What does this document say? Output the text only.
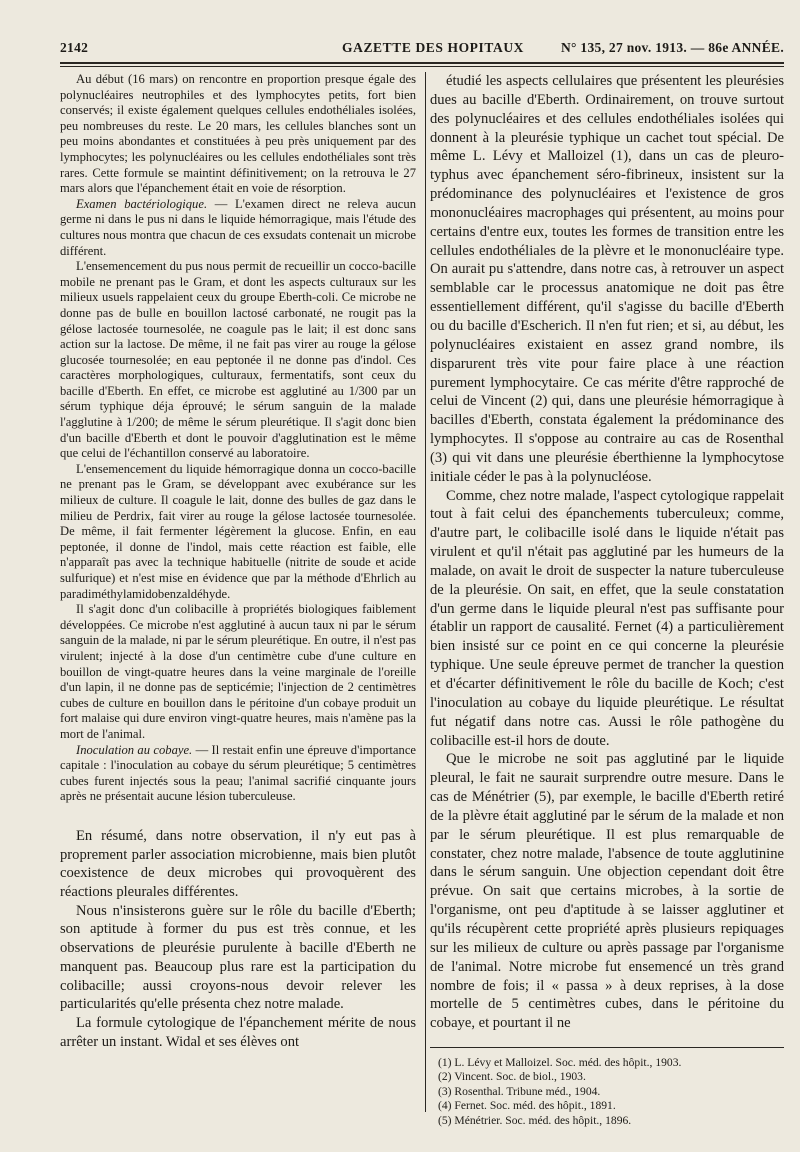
2142	GAZETTE DES HOPITAUX	N° 135, 27 nov. 1913. — 86e ANNÉE.

Au début (16 mars) on rencontre en proportion presque égale des polynucléaires neutrophiles et des lymphocytes petits, fort bien conservés; il existe également quelques cellules endothéliales isolées, peu nombreuses du reste. Le 20 mars, les cellules blanches sont un peu moins abondantes et constituées à peu près uniquement par des lymphocytes; les polynucléaires ou les cellules endothéliales sont très rares. Cette formule se maintint définitivement; on la retrouva le 27 mars alors que l'épanchement était en voie de résorption.

Examen bactériologique. — L'examen direct ne releva aucun germe ni dans le pus ni dans le liquide hémorragique, mais l'étude des cultures nous montra que chacun de ces exsudats contenait un microbe différent.

L'ensemencement du pus nous permit de recueillir un cocco-bacille mobile ne prenant pas le Gram, et dont les aspects culturaux sur les milieux usuels rappelaient ceux du groupe Eberth-coli. Ce microbe ne donne pas de bulle en bouillon lactosé carbonaté, ne rougit pas la gélose lactosée tournesolée, ne coagule pas le lait; il est donc sans action sur la lactose. De même, il ne fait pas virer au rouge la gélose glucosée tournesolée; en eau peptonée il ne donne pas d'indol. Ces caractères morphologiques, culturaux, fermentatifs, sont ceux du bacille d'Eberth. En effet, ce microbe est agglutiné au 1/300 par un sérum typhique déja éprouvé; le sérum sanguin de la malade l'agglutine à 1/200; de même le sérum pleurétique. Il s'agit donc bien d'un bacille d'Eberth et dont le pouvoir d'agglutination est le même que celui de l'échantillon conservé au laboratoire.

L'ensemencement du liquide hémorragique donna un cocco-bacille ne prenant pas le Gram, se développant avec exubérance sur les milieux de culture. Il coagule le lait, donne des bulles de gaz dans le milieu de Perdrix, fait virer au rouge la gélose lactosée tournesolée. De même, il fait fermenter légèrement la glucose. Enfin, en eau peptonée, il donne de l'indol, mais cette réaction est faible, elle n'apparaît pas avec la technique habituelle (nitrite de soude et acide sulfurique) et n'est mise en évidence que par la méthode d'Ehrlich au paradiméthylamidobenzaldéhyde.

Il s'agit donc d'un colibacille à propriétés biologiques faiblement développées. Ce microbe n'est agglutiné à aucun taux ni par le sérum sanguin de la malade, ni par le sérum pleurétique. En outre, il n'est pas virulent; injecté à la dose d'un centimètre cube d'une culture en bouillon de vingt-quatre heures dans la veine marginale de l'oreille d'un lapin, il ne donne pas de septicémie; l'injection de 2 centimètres cubes de culture en bouillon dans le péritoine d'un cobaye produit un fort malaise qui dure environ vingt-quatre heures, mais n'amène pas la mort de l'animal.

Inoculation au cobaye. — Il restait enfin une épreuve d'importance capitale : l'inoculation au cobaye du sérum pleurétique; 5 centimètres cubes furent injectés sous la peau; l'animal sacrifié cinquante jours après ne présentait aucune lésion tuberculeuse.

En résumé, dans notre observation, il n'y eut pas à proprement parler association microbienne, mais bien plutôt coexistence de deux microbes qui provoquèrent des réactions pleurales différentes.

Nous n'insisterons guère sur le rôle du bacille d'Eberth; son aptitude à former du pus est très connue, et les observations de pleurésie purulente à bacille d'Eberth ne manquent pas. Beaucoup plus rare est la participation du colibacille; aussi croyons-nous devoir relever les particularités qu'elle présenta chez notre malade.

La formule cytologique de l'épanchement mérite de nous arrêter un instant. Widal et ses élèves ont

étudié les aspects cellulaires que présentent les pleurésies dues au bacille d'Eberth. Ordinairement, on trouve surtout des polynucléaires et des cellules endothéliales isolées qui donnent à la pleurésie typhique un cachet tout spécial. De même L. Lévy et Malloizel (1), dans un cas de pleuro-typhus avec épanchement séro-fibrineux, insistent sur la prédominance des polynucléaires et l'existence de gros mononucléaires macrophages qui présentent, au moins pour certains d'entre eux, toutes les formes de transition entre les cellules endothéliales de la plèvre et le mononucléaire type. On aurait pu s'attendre, dans notre cas, à retrouver un aspect semblable car le processus anatomique ne doit pas être essentiellement différent, qu'il s'agisse du bacille d'Eberth ou du bacille d'Escherich. Il n'en fut rien; et si, au début, les polynucléaires existaient en assez grand nombre, ils disparurent très vite pour faire place à une réaction purement lymphocytaire. Ce cas mérite d'être rapproché de celui de Vincent (2) qui, dans une pleurésie hémorragique à bacilles d'Eberth, constata également la prédominance des lymphocytes. Il s'oppose au contraire au cas de Rosenthal (3) qui vit dans une pleurésie éberthienne la lymphocytose initiale céder le pas à la polynucléose.

Comme, chez notre malade, l'aspect cytologique rappelait tout à fait celui des épanchements tuberculeux; comme, d'autre part, le colibacille isolé dans le liquide n'était pas virulent et qu'il n'était pas agglutiné par les humeurs de la malade, on avait le droit de suspecter la nature tuberculeuse de la pleurésie. On sait, en effet, que la seule constatation d'un germe dans le liquide pleural n'est pas suffisante pour établir un rapport de causalité. Fernet (4) a particulièrement bien insisté sur ce point en ce qui concerne la pleurésie typhique. Une seule épreuve permet de trancher la question et d'écarter définitivement le rôle du bacille de Koch; c'est l'inoculation au cobaye du liquide pleurétique. Le résultat fut négatif dans notre cas. Aussi le rôle pathogène du colibacille est-il hors de doute.

Que le microbe ne soit pas agglutiné par le liquide pleural, le fait ne saurait surprendre outre mesure. Dans le cas de Ménétrier (5), par exemple, le bacille d'Eberth retiré de la plèvre était agglutiné par le sérum de la malade et non par le sérum pleurétique. Il est plus remarquable de constater, chez notre malade, l'absence de toute agglutinine dans le sérum sanguin. Une objection cependant doit être prévue. On sait que certains microbes, à la sortie de l'organisme, ont peu d'aptitude à se laisser agglutiner et qu'ils récupèrent cette propriété après plusieurs repiquages sur les milieux de culture ou après passage par l'organisme de l'animal. Notre microbe fut ensemencé un très grand nombre de fois; il « passa » à deux reprises, à la dose mortelle de 5 centimètres cubes, dans le péritoine du cobaye, et pourtant il ne

(1) L. Lévy et Malloizel. Soc. méd. des hôpit., 1903.
(2) Vincent. Soc. de biol., 1903.
(3) Rosenthal. Tribune méd., 1904.
(4) Fernet. Soc. méd. des hôpit., 1891.
(5) Ménétrier. Soc. méd. des hôpit., 1896.
